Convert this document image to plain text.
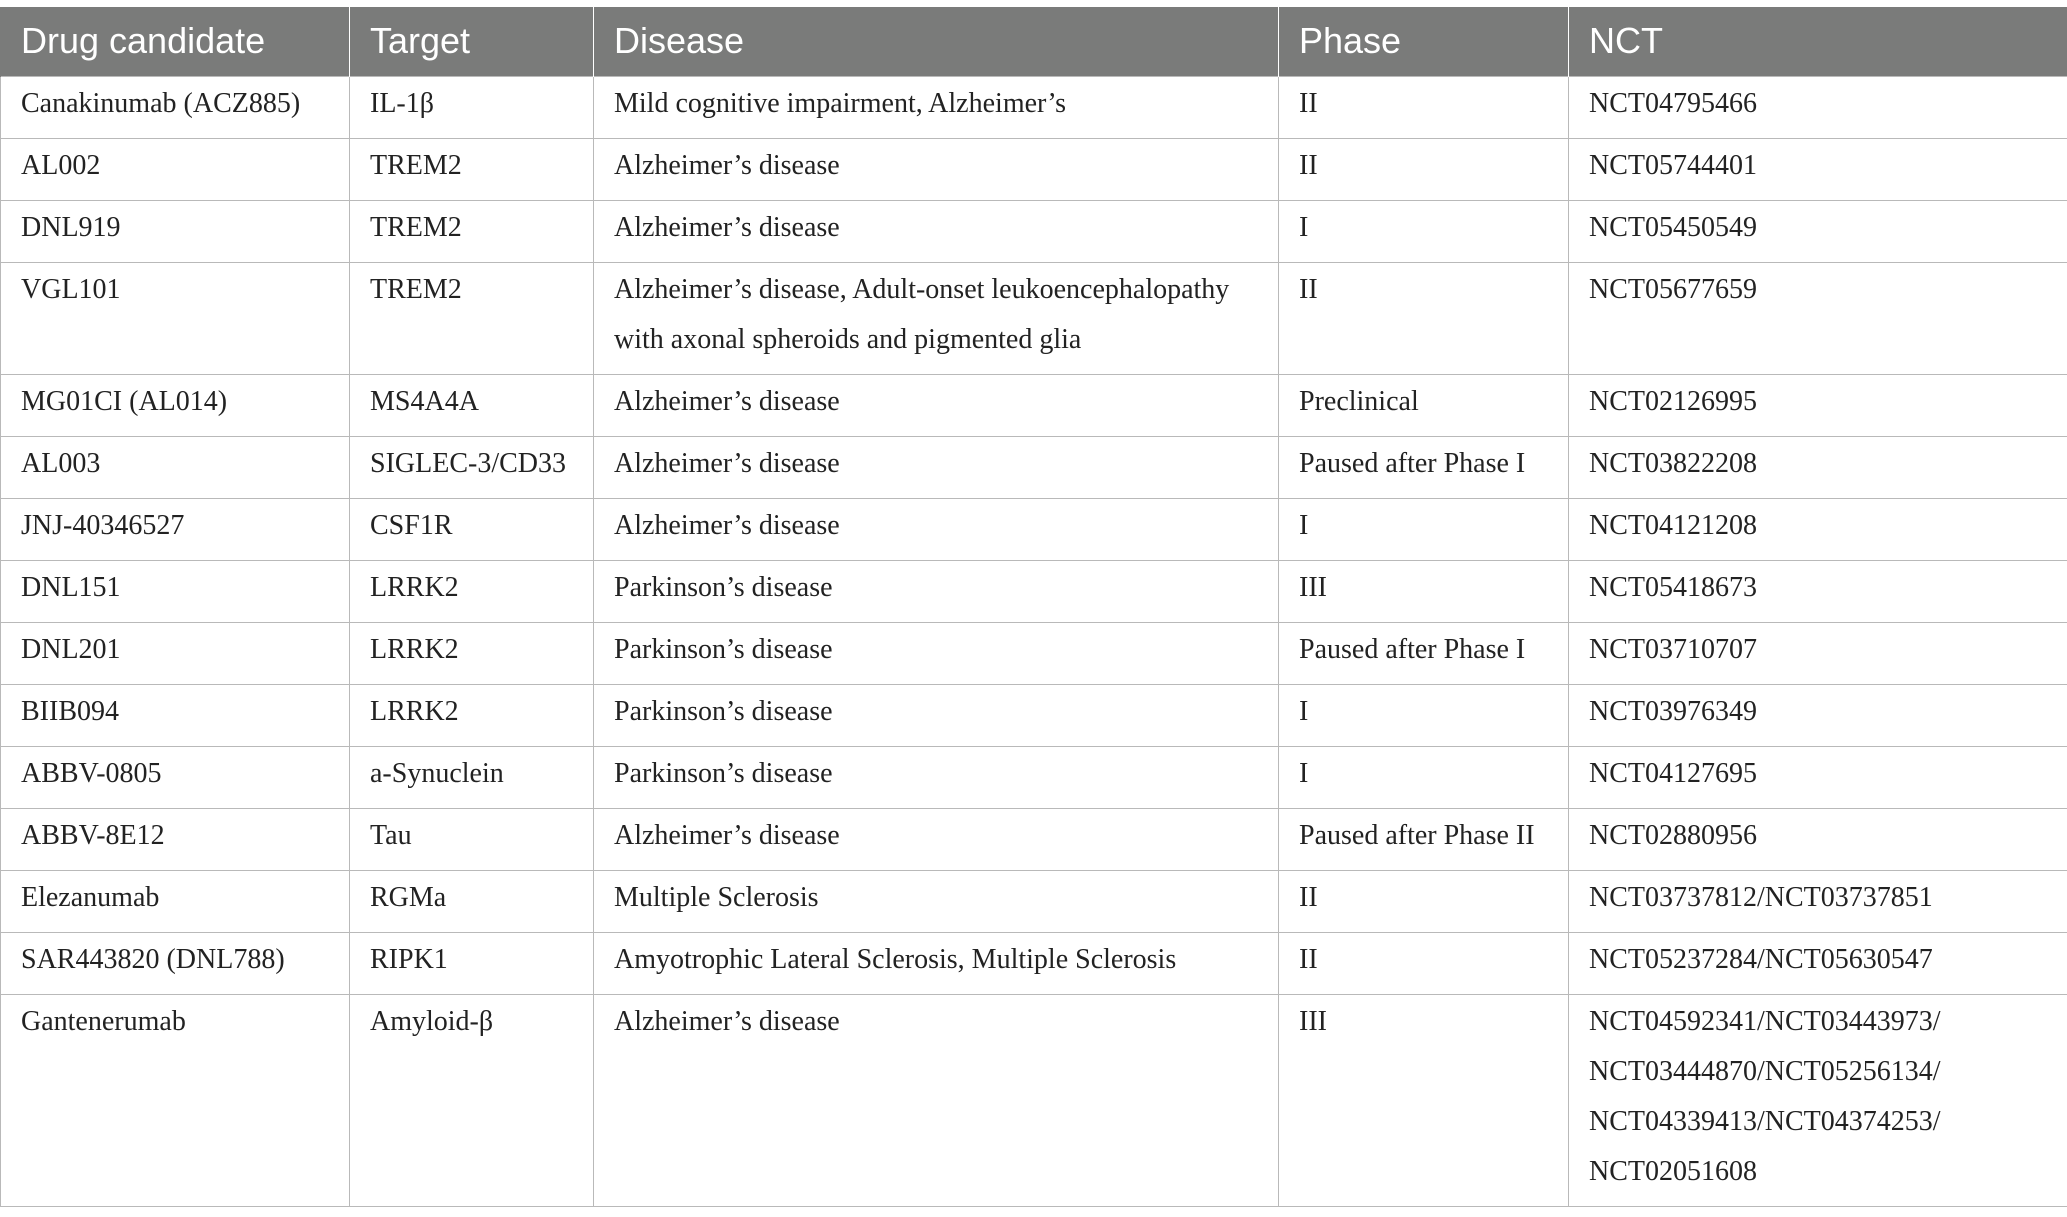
Drug candidate	Target	Disease	Phase	NCT

Canakinumab (ACZ885)	IL-1β	Mild cognitive impairment, Alzheimer’s	II	NCT04795466

AL002	TREM2	Alzheimer’s disease	II	NCT05744401

DNL919	TREM2	Alzheimer’s disease	I	NCT05450549

VGL101	TREM2	Alzheimer’s disease, Adult-onset leukoencephalopathy
with axonal spheroids and pigmented glia	II	NCT05677659

MG01CI (AL014)	MS4A4A	Alzheimer’s disease	Preclinical	NCT02126995

AL003	SIGLEC-3/CD33	Alzheimer’s disease	Paused after Phase I	NCT03822208

JNJ-40346527	CSF1R	Alzheimer’s disease	I	NCT04121208

DNL151	LRRK2	Parkinson’s disease	III	NCT05418673

DNL201	LRRK2	Parkinson’s disease	Paused after Phase I	NCT03710707

BIIB094	LRRK2	Parkinson’s disease	I	NCT03976349

ABBV-0805	a-Synuclein	Parkinson’s disease	I	NCT04127695

ABBV-8E12	Tau	Alzheimer’s disease	Paused after Phase II	NCT02880956

Elezanumab	RGMa	Multiple Sclerosis	II	NCT03737812/NCT03737851

SAR443820 (DNL788)	RIPK1	Amyotrophic Lateral Sclerosis, Multiple Sclerosis	II	NCT05237284/NCT05630547

Gantenerumab	Amyloid-β	Alzheimer’s disease	III	NCT04592341/NCT03443973/
NCT03444870/NCT05256134/
NCT04339413/NCT04374253/
NCT02051608
